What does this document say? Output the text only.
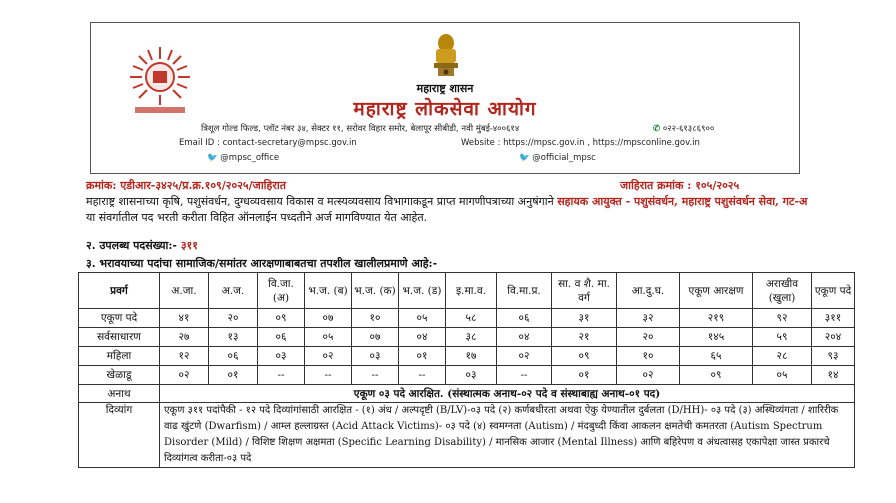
महाराष्ट्र शासन
महाराष्ट्र लोकसेवा आयोग
त्रिशूल गोल्ड फिल्ड, प्लॉट नंबर ३४, सेक्टर ११, सरोवर विहार समोर, बेलापूर सीबीडी, नवी मुंबई-४००६१४	✆ ०२२-६१३८६९००
Email ID : contact-secretary@mpsc.gov.in	Website : https://mpsc.gov.in , https://mpsconline.gov.in
🐦 @mpsc_office	🐦 @official_mpsc
क्रमांक: एडीआर-३४२५/प्र.क्र.१०९/२०२५/जाहिरात	जाहिरात क्रमांक : १०५/२०२५
महाराष्ट्र शासनाच्या कृषि, पशुसंवर्धन, दुग्धव्यवसाय विकास व मत्स्यव्यवसाय विभागाकडून प्राप्त मागणीपत्राच्या अनुषंगाने सहायक आयुक्त - पशुसंवर्धन, महाराष्ट्र पशुसंवर्धन सेवा, गट-अ या संवर्गातील पद भरती करीता विहित ऑनलाईन पध्दतीने अर्ज मागविण्यात येत आहेत.
२. उपलब्ध पदसंख्या:- ३११
३. भरावयाच्या पदांचा सामाजिक/समांतर आरक्षणाबाबतचा तपशील खालीलप्रमाणे आहे:-
प्रवर्ग	अ.जा.	अ.ज.	वि.जा. (अ)	भ.ज. (ब)	भ.ज. (क)	भ.ज. (ड)	इ.मा.व.	वि.मा.प्र.	सा. व शै. मा. वर्ग	आ.दु.घ.	एकूण आरक्षण	अराखीव (खुला)	एकूण पदे
एकूण पदे	४१	२०	०९	०७	१०	०५	५८	०६	३१	३२	२१९	९२	३११
सर्वसाधारण	२७	१३	०६	०५	०७	०४	३८	०४	२१	२०	१४५	५९	२०४
महिला	१२	०६	०३	०२	०३	०१	१७	०२	०९	१०	६५	२८	९३
खेळाडू	०२	०१	--	--	--	--	०३	--	०१	०२	०९	०५	१४
अनाथ	एकूण ०३ पदे आरक्षित. (संस्थात्मक अनाथ-०२ पदे व संस्थाबाह्य अनाथ-०१ पद)												
दिव्यांग	एकूण ३११ पदांपैकी - १२ पदे दिव्यांगांसाठी आरक्षित - (१) अंध / अल्पदृष्टी (B/LV)-०३ पदे (२) कर्णबधीरता अथवा ऐकु येण्यातील दुर्बलता (D/HH)- ०३ पदे (३) अस्थिव्यंगता / शारिरीक वाढ खुंटणे (Dwarfism) / आम्ल हल्लाग्रस्त (Acid Attack Victims)- ०३ पदे (४) स्वमग्नता (Autism) / मंदबुध्दी किंवा आकलन क्षमतेची कमतरता (Autism Spectrum Disorder (Mild) / विशिष्ट शिक्षण अक्षमता (Specific Learning Disability) / मानसिक आजार (Mental Illness) आणि बहिरेपण व अंधत्वासह एकापेक्षा जास्त प्रकारचे दिव्यांगत्व करीता-०३ पदे												
